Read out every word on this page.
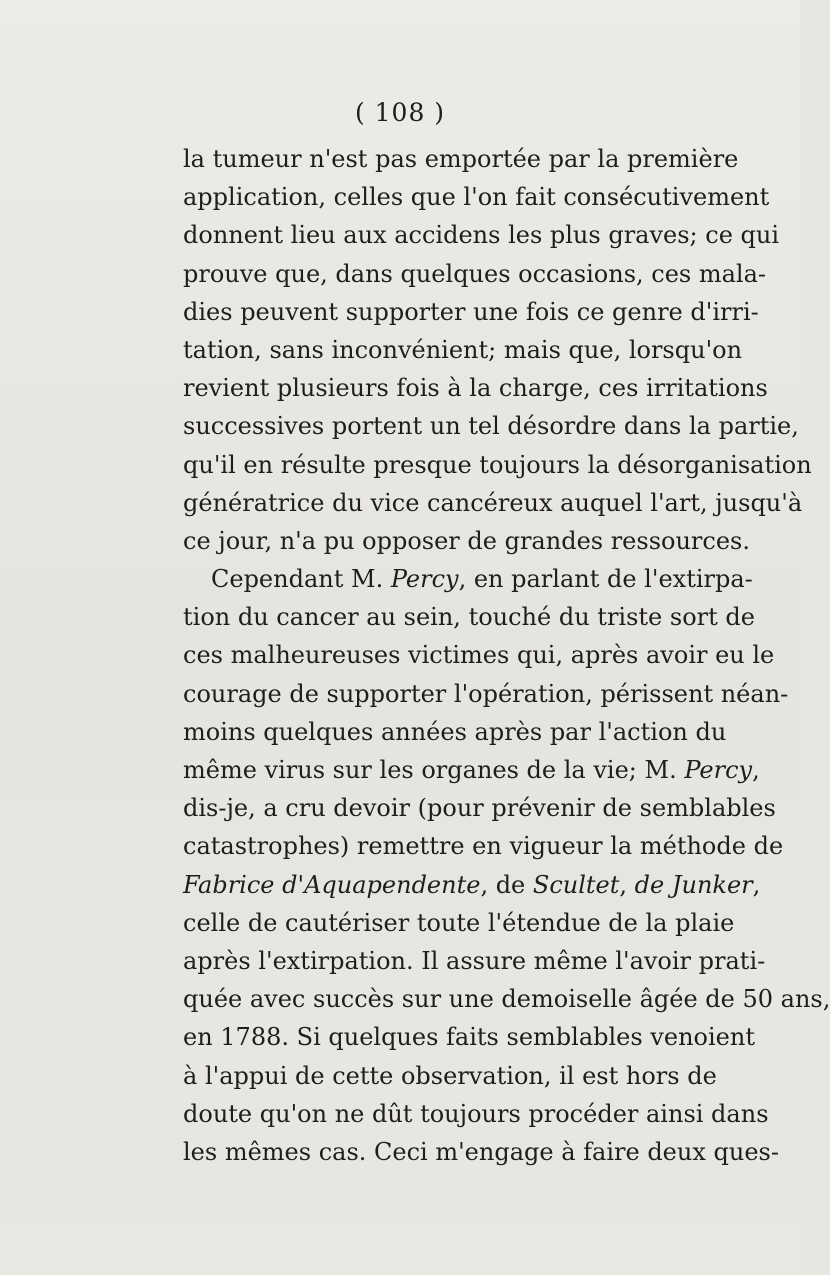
( 108 )
la tumeur n'est pas emportée par la première
application, celles que l'on fait consécutivement
donnent lieu aux accidens les plus graves; ce qui
prouve que, dans quelques occasions, ces mala-
dies peuvent supporter une fois ce genre d'irri-
tation, sans inconvénient; mais que, lorsqu'on
revient plusieurs fois à la charge, ces irritations
successives portent un tel désordre dans la partie,
qu'il en résulte presque toujours la désorganisation
génératrice du vice cancéreux auquel l'art, jusqu'à
ce jour, n'a pu opposer de grandes ressources.
Cependant M. Percy, en parlant de l'extirpa-
tion du cancer au sein, touché du triste sort de
ces malheureuses victimes qui, après avoir eu le
courage de supporter l'opération, périssent néan-
moins quelques années après par l'action du
même virus sur les organes de la vie; M. Percy,
dis-je, a cru devoir (pour prévenir de semblables
catastrophes) remettre en vigueur la méthode de
Fabrice d'Aquapendente, de Scultet, de Junker,
celle de cautériser toute l'étendue de la plaie
après l'extirpation. Il assure même l'avoir prati-
quée avec succès sur une demoiselle âgée de 50 ans,
en 1788. Si quelques faits semblables venoient
à l'appui de cette observation, il est hors de
doute qu'on ne dût toujours procéder ainsi dans
les mêmes cas. Ceci m'engage à faire deux ques-
